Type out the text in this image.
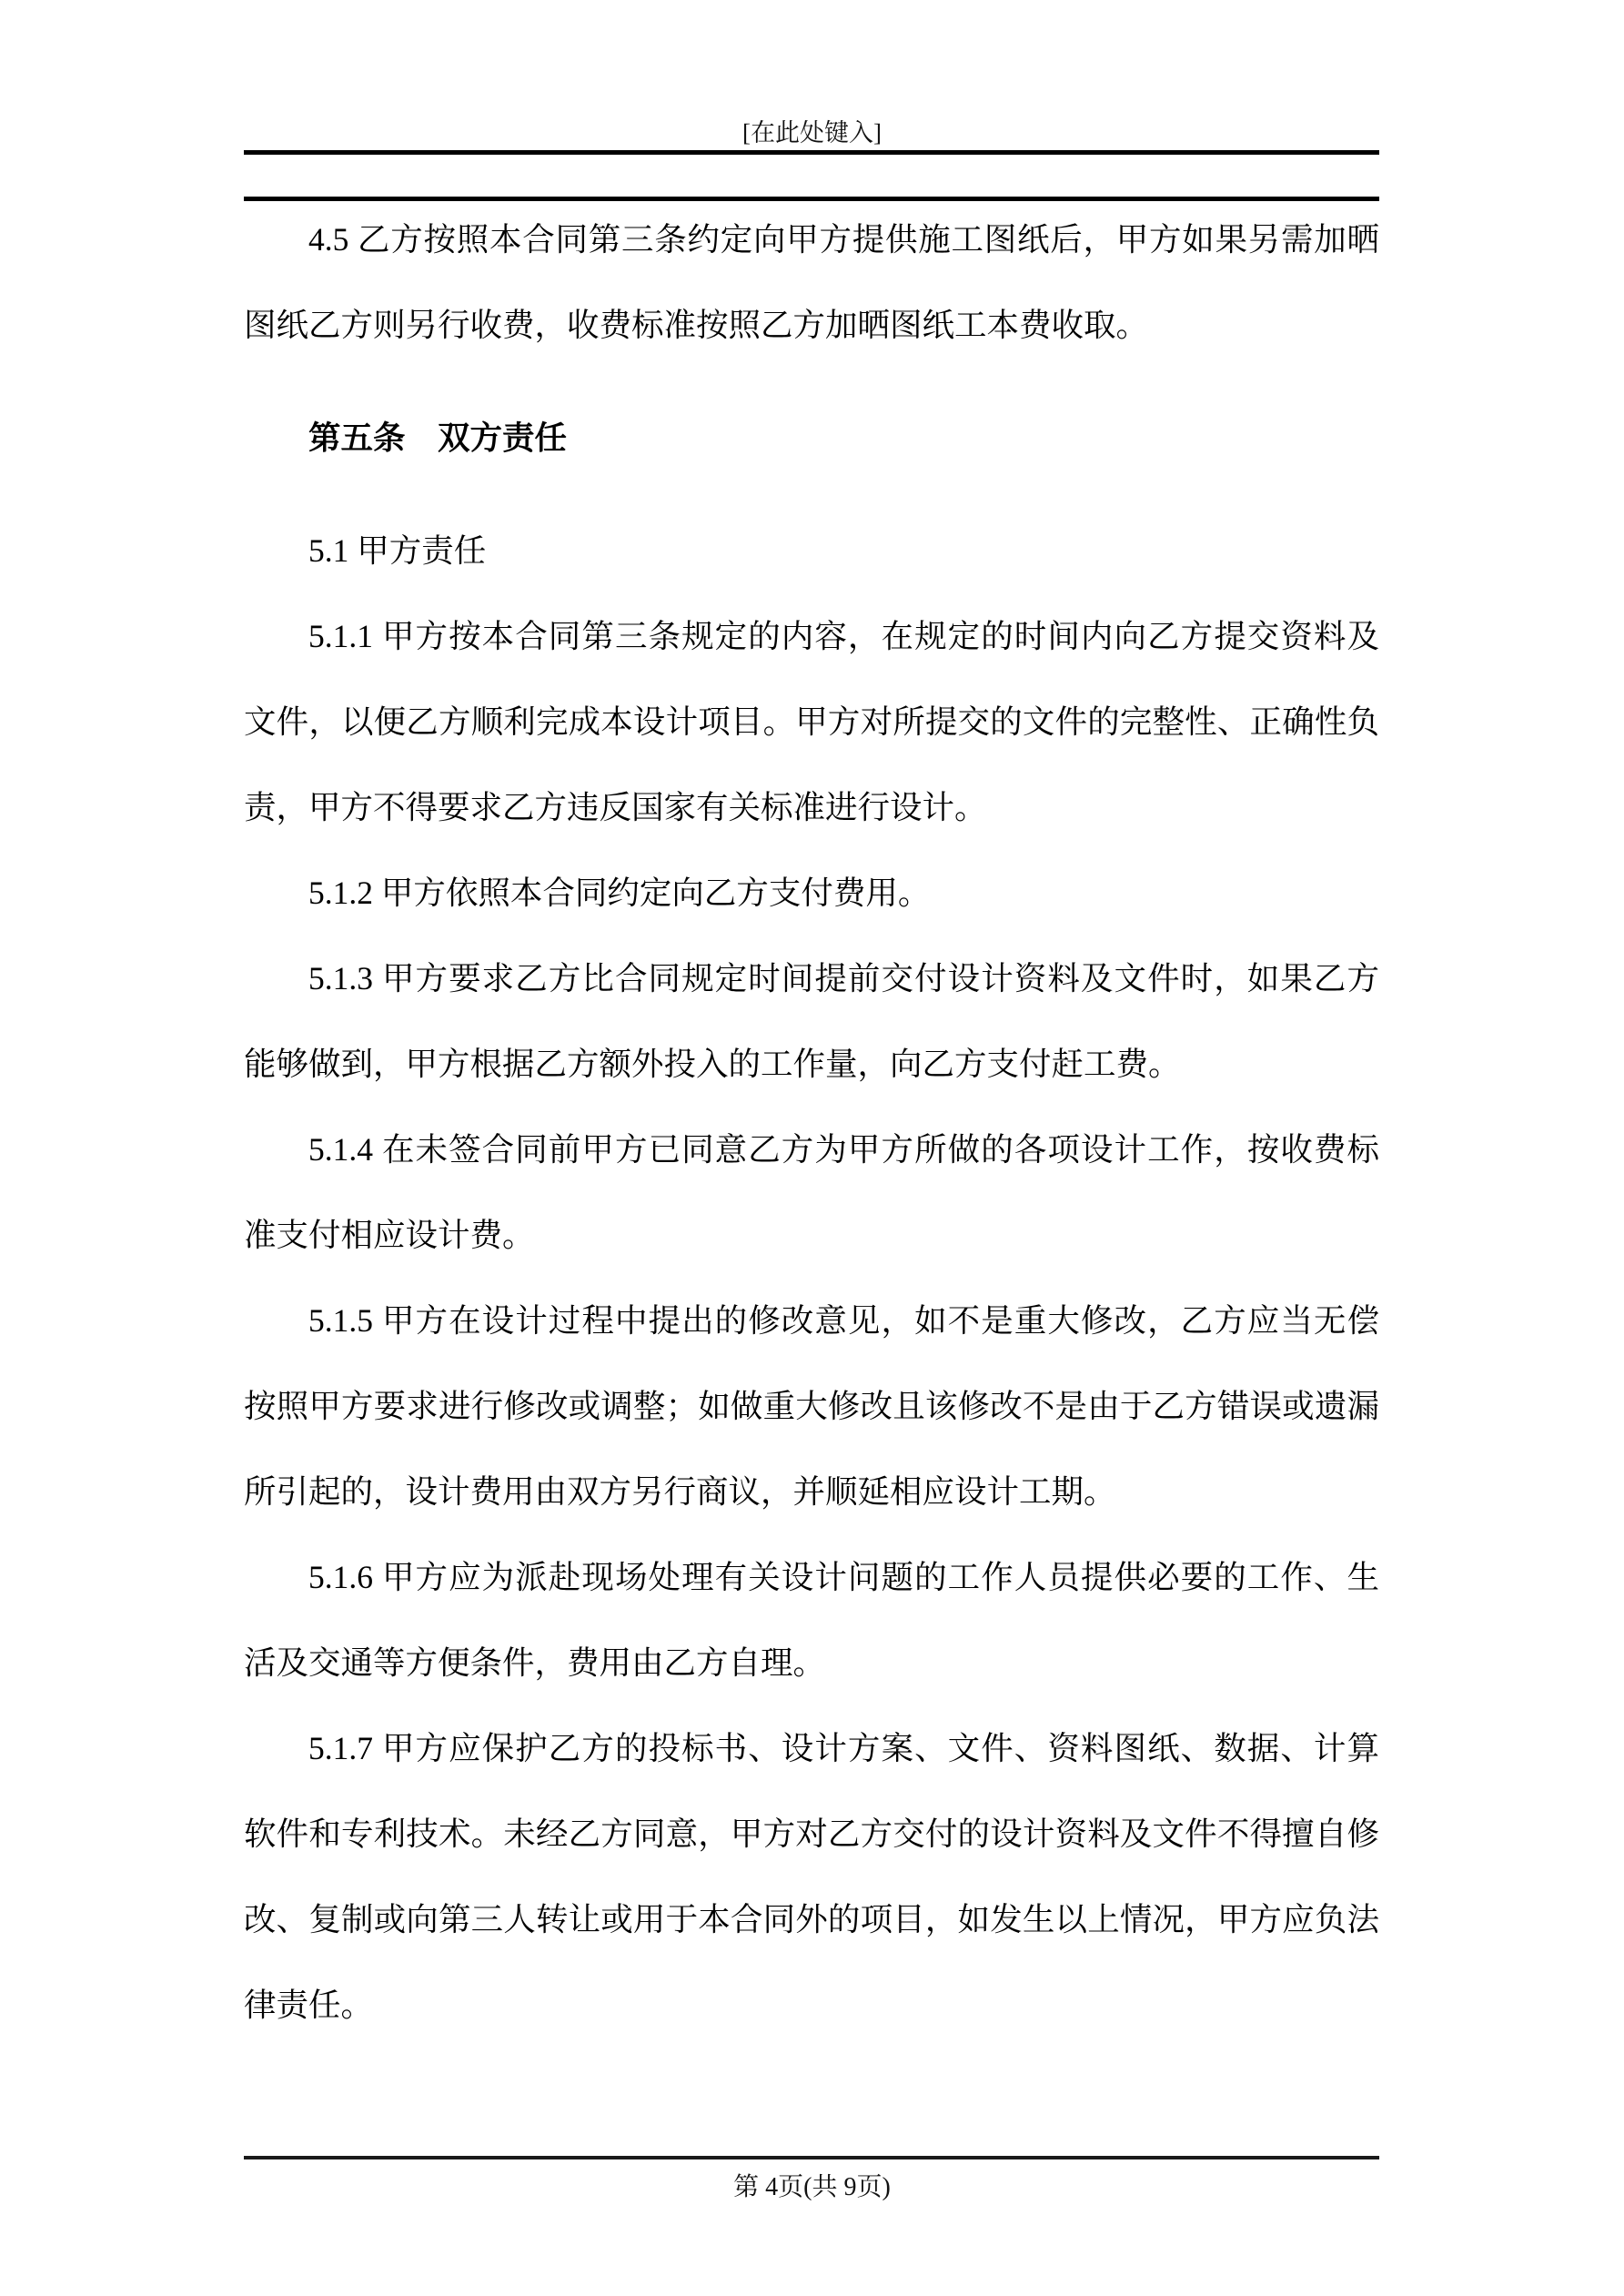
[在此处键入]

4.5 乙方按照本合同第三条约定向甲方提供施工图纸后，甲方如果另需加晒图纸乙方则另行收费，收费标准按照乙方加晒图纸工本费收取。

第五条　双方责任

5.1 甲方责任

5.1.1 甲方按本合同第三条规定的内容，在规定的时间内向乙方提交资料及文件，以便乙方顺利完成本设计项目。甲方对所提交的文件的完整性、正确性负责，甲方不得要求乙方违反国家有关标准进行设计。

5.1.2 甲方依照本合同约定向乙方支付费用。

5.1.3 甲方要求乙方比合同规定时间提前交付设计资料及文件时，如果乙方能够做到，甲方根据乙方额外投入的工作量，向乙方支付赶工费。

5.1.4 在未签合同前甲方已同意乙方为甲方所做的各项设计工作，按收费标准支付相应设计费。

5.1.5 甲方在设计过程中提出的修改意见，如不是重大修改，乙方应当无偿按照甲方要求进行修改或调整；如做重大修改且该修改不是由于乙方错误或遗漏所引起的，设计费用由双方另行商议，并顺延相应设计工期。

5.1.6 甲方应为派赴现场处理有关设计问题的工作人员提供必要的工作、生活及交通等方便条件，费用由乙方自理。

5.1.7 甲方应保护乙方的投标书、设计方案、文件、资料图纸、数据、计算软件和专利技术。未经乙方同意，甲方对乙方交付的设计资料及文件不得擅自修改、复制或向第三人转让或用于本合同外的项目，如发生以上情况，甲方应负法律责任。

第 4页(共 9页)
